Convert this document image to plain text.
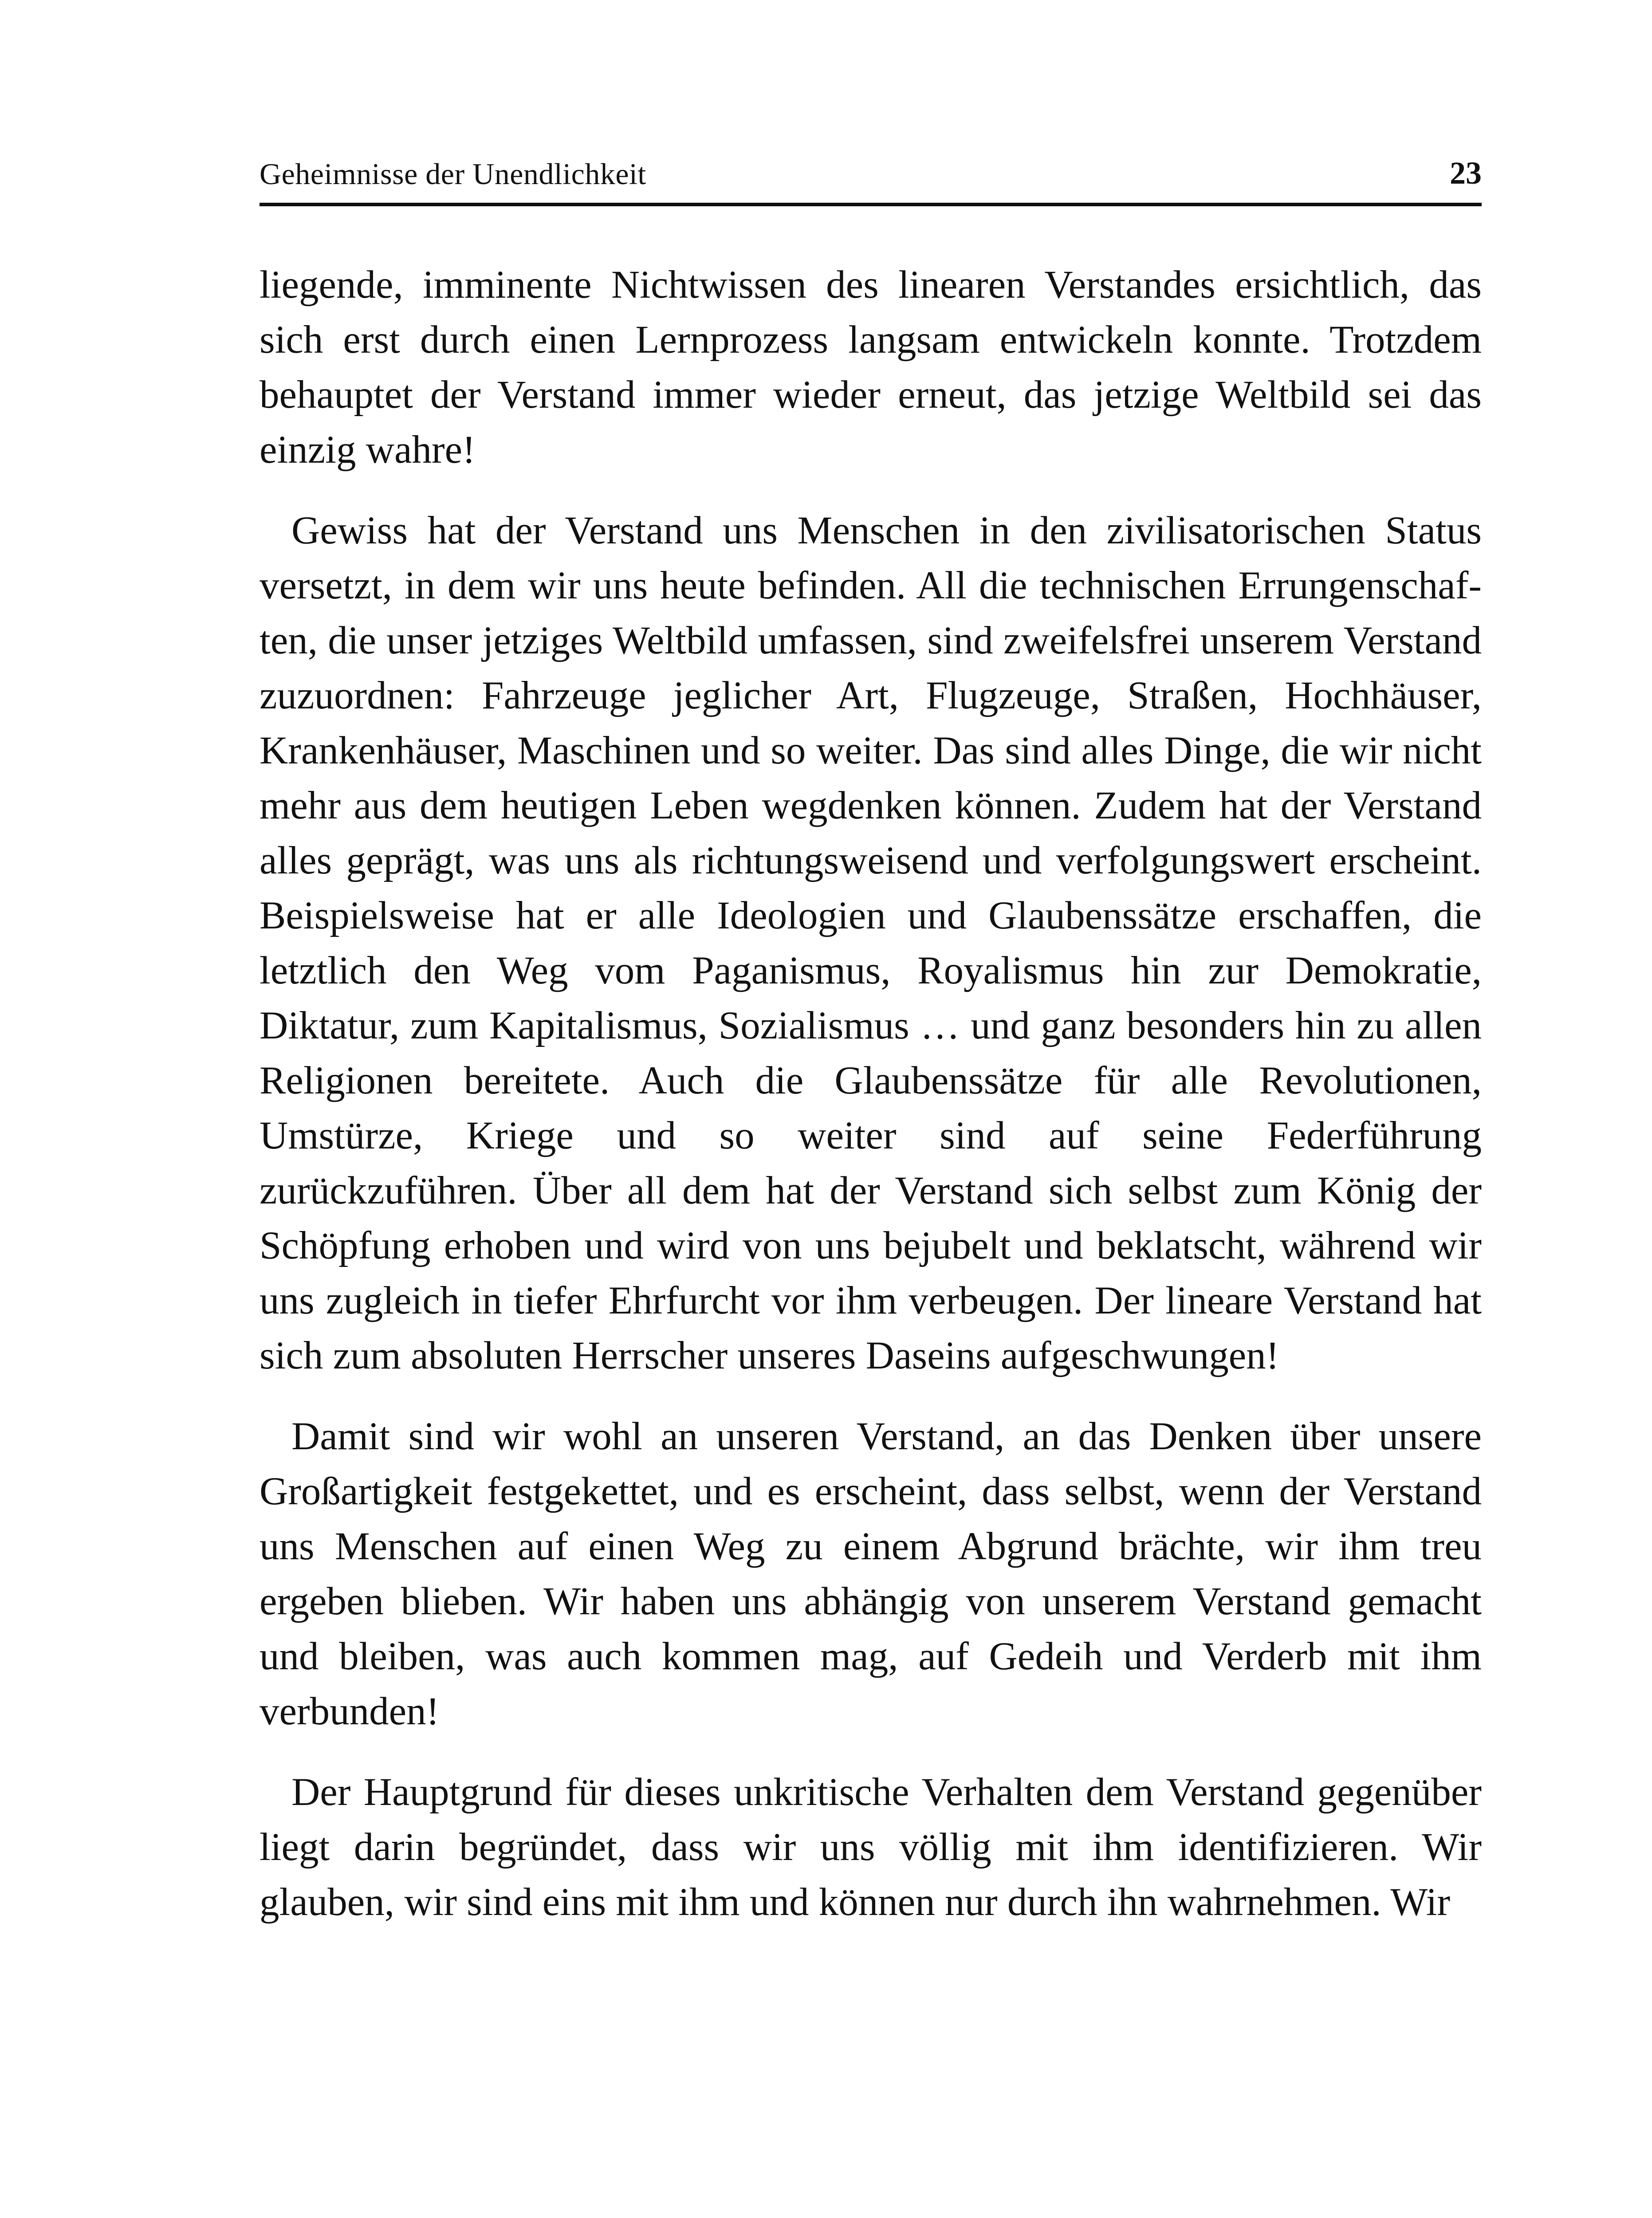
Geheimnisse der Unendlichkeit	23

liegende, imminente Nichtwissen des linearen Verstandes ersichtlich, das sich erst durch einen Lernprozess langsam entwickeln konnte. Trotzdem behauptet der Verstand immer wieder erneut, das jetzige Weltbild sei das einzig wahre!

Gewiss hat der Verstand uns Menschen in den zivilisatorischen Status versetzt, in dem wir uns heute befinden. All die technischen Errungenschaften, die unser jetziges Weltbild umfassen, sind zweifelsfrei unserem Verstand zuzuordnen: Fahrzeuge jeglicher Art, Flugzeuge, Straßen, Hochhäuser, Krankenhäuser, Maschinen und so weiter. Das sind alles Dinge, die wir nicht mehr aus dem heutigen Leben wegdenken können. Zudem hat der Verstand alles geprägt, was uns als richtungsweisend und verfolgungswert erscheint. Beispielsweise hat er alle Ideologien und Glaubenssätze erschaffen, die letztlich den Weg vom Paganismus, Royalismus hin zur Demokratie, Diktatur, zum Kapitalismus, Sozialismus … und ganz besonders hin zu allen Religionen bereitete. Auch die Glaubenssätze für alle Revolutionen, Umstürze, Kriege und so weiter sind auf seine Federführung zurückzuführen. Über all dem hat der Verstand sich selbst zum König der Schöpfung erhoben und wird von uns bejubelt und beklatscht, während wir uns zugleich in tiefer Ehrfurcht vor ihm verbeugen. Der lineare Verstand hat sich zum absoluten Herrscher unseres Daseins aufgeschwungen!

Damit sind wir wohl an unseren Verstand, an das Denken über unsere Großartigkeit festgekettet, und es erscheint, dass selbst, wenn der Verstand uns Menschen auf einen Weg zu einem Abgrund brächte, wir ihm treu ergeben blieben. Wir haben uns abhängig von unserem Verstand gemacht und bleiben, was auch kommen mag, auf Gedeih und Verderb mit ihm verbunden!

Der Hauptgrund für dieses unkritische Verhalten dem Verstand gegenüber liegt darin begründet, dass wir uns völlig mit ihm identifizieren. Wir glauben, wir sind eins mit ihm und können nur durch ihn wahrnehmen. Wir
